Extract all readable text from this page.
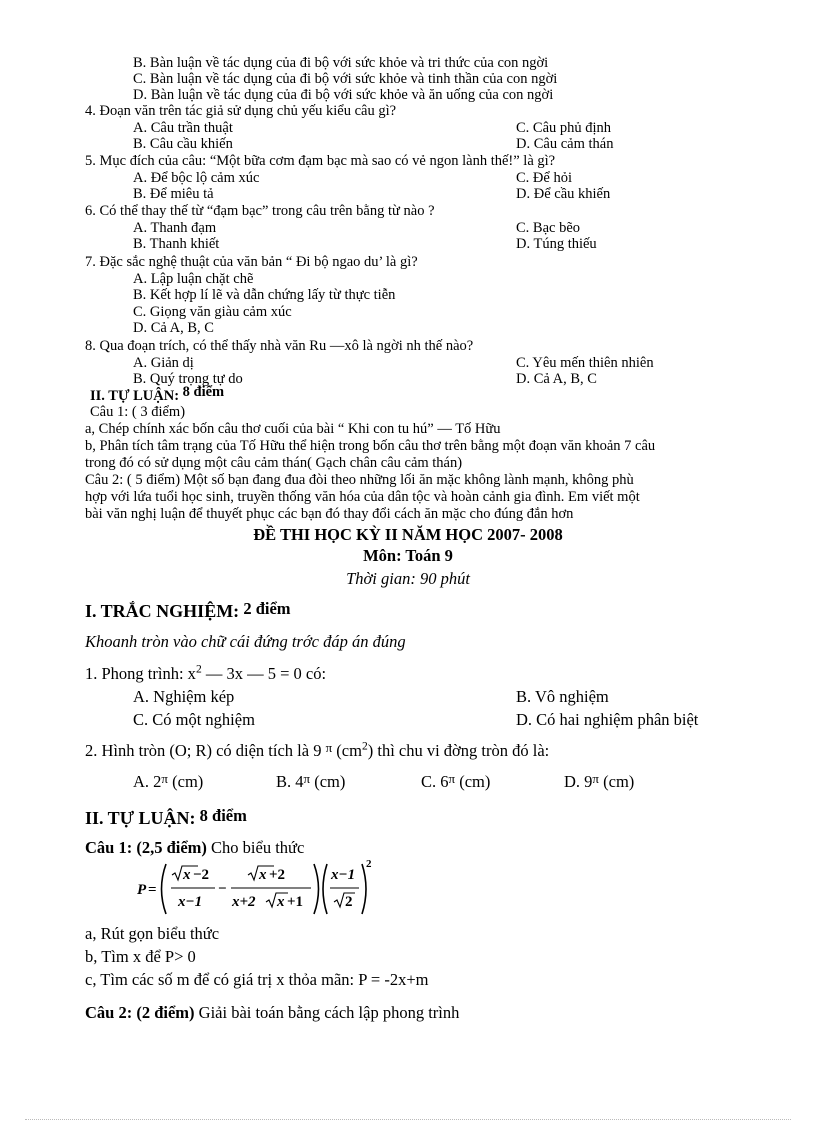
B. Bàn luận về tác dụng của đi bộ với sức khỏe và tri thức của con ngời
C. Bàn luận về tác dụng của đi bộ với sức khỏe và tinh thần của con ngời
D. Bàn luận về tác dụng của đi bộ với sức khỏe và ăn uống của con ngời
4. Đoạn văn trên tác giả sử dụng chủ yếu kiểu câu gì?
A. Câu trần thuật	C. Câu phủ định
B. Câu cầu khiến	D. Câu cảm thán
5. Mục đích của câu: “Một bữa cơm đạm bạc mà sao có vẻ ngon lành thế!” là gì?
A. Để bộc lộ cảm xúc	C. Để hỏi
B. Để miêu tả	D. Để cầu khiến
6. Có thể thay thế từ “đạm bạc” trong câu trên bằng từ nào ?
A. Thanh đạm	C. Bạc bẽo
B. Thanh khiết	D. Túng thiếu
7. Đặc sắc nghệ thuật của văn bản “ Đi bộ ngao du’ là gì?
A. Lập luận chặt chẽ
B. Kết hợp lí lẽ và dẫn chứng lấy từ thực tiễn
C. Giọng văn giàu cảm xúc
D. Cả A, B, C
8. Qua đoạn trích, có thể thấy nhà văn Ru —xô là ngời nh thế nào?
A. Giản dị	C. Yêu mến thiên nhiên
B. Quý trọng tự do	D. Cả A, B, C
II. TỰ LUẬN: 8 điểm
Câu 1: ( 3 điểm)
a, Chép chính xác bốn câu thơ cuối của bài “ Khi con tu hú” — Tố Hữu
b, Phân tích tâm trạng của Tố Hữu thể hiện trong bốn câu thơ trên bằng một đoạn văn khoản 7 câu
trong đó có sử dụng một câu cảm thán( Gạch chân câu cảm thán)
Câu 2: ( 5 điểm) Một số bạn đang đua đòi theo những lối ăn mặc không lành mạnh, không phù
hợp với lứa tuổi học sinh, truyền thống văn hóa của dân tộc và hoàn cảnh gia đình. Em viết một
bài văn nghị luận để thuyết phục các bạn đó thay đổi cách ăn mặc cho đúng đắn hơn
ĐỀ THI HỌC KỲ II NĂM HỌC 2007- 2008
Môn: Toán 9
Thời gian: 90 phút
I. TRẮC NGHIỆM: 2 điểm
Khoanh tròn vào chữ cái đứng trớc đáp án đúng
1. Phong trình: $x^2$ — 3x — 5 = 0 có:
A. Nghiệm kép	B. Vô nghiệm
C. Có một nghiệm	D. Có hai nghiệm phân biệt
2. Hình tròn (O; R) có diện tích là 9 $^\pi$ $(cm^2)$ thì chu vi đờng tròn đó là:
A. $2^\pi$ (cm)	B. $4^\pi$ (cm)	C. $6^\pi$ (cm)	D. $9^\pi$ (cm)
II. TỰ LUẬN: 8 điểm
Câu 1: (2,5 điểm) Cho biểu thức
P =
x −2
x−1
−
x +2
x+2 x +1
x−1
2
2
a, Rút gọn biểu thức
b, Tìm x để P> 0
c, Tìm các số m để có giá trị x thỏa mãn: P = -2x+m
Câu 2: (2 điểm) Giải bài toán bằng cách lập phong trình
